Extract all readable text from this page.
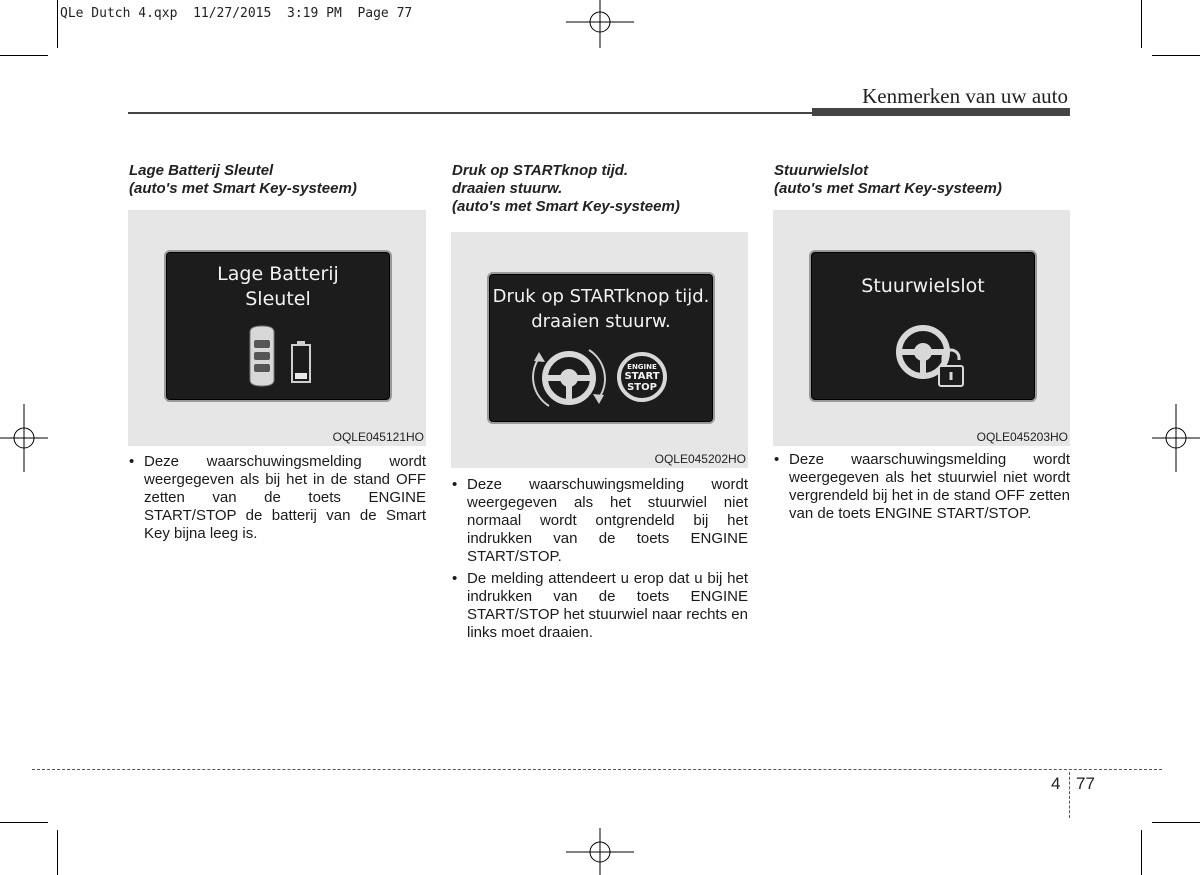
QLe Dutch 4.qxp 11/27/2015 3:19 PM Page 77
Kenmerken van uw auto
Lage Batterij Sleutel
(auto's met Smart Key-systeem)
Lage Batterij
Sleutel
OQLE045121HO
• Deze waarschuwingsmelding wordt weergegeven als bij het in de stand OFF zetten van de toets ENGINE START/STOP de batterij van de Smart Key bijna leeg is.
Druk op STARTknop tijd.
draaien stuurw.
(auto's met Smart Key-systeem)
Druk op STARTknop tijd.
draaien stuurw.
ENGINE
START
STOP
OQLE045202HO
• Deze waarschuwingsmelding wordt weergegeven als het stuurwiel niet normaal wordt ontgrendeld bij het indrukken van de toets ENGINE START/STOP.
• De melding attendeert u erop dat u bij het indrukken van de toets ENGINE START/STOP het stuurwiel naar rechts en links moet draaien.
Stuurwielslot
(auto's met Smart Key-systeem)
Stuurwielslot
OQLE045203HO
• Deze waarschuwingsmelding wordt weergegeven als het stuurwiel niet wordt vergrendeld bij het in de stand OFF zetten van de toets ENGINE START/STOP.
4 77
